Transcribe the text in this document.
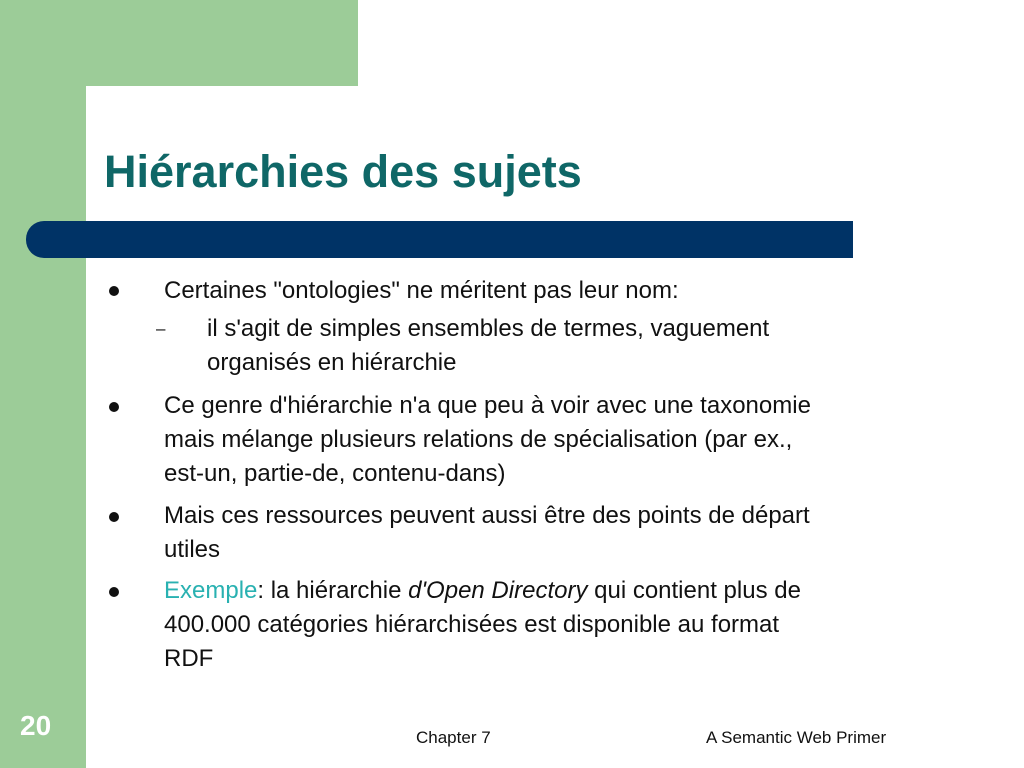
Hiérarchies des sujets
Certaines "ontologies" ne méritent pas leur nom:
– il s'agit de simples ensembles de termes, vaguement
organisés en hiérarchie
Ce genre d'hiérarchie n'a que peu à voir avec une taxonomie
mais mélange plusieurs relations de spécialisation (par ex.,
est-un, partie-de, contenu-dans)
Mais ces ressources peuvent aussi être des points de départ
utiles
Exemple: la hiérarchie d'Open Directory qui contient plus de
400.000 catégories hiérarchisées est disponible au format
RDF
20	Chapter 7	A Semantic Web Primer
